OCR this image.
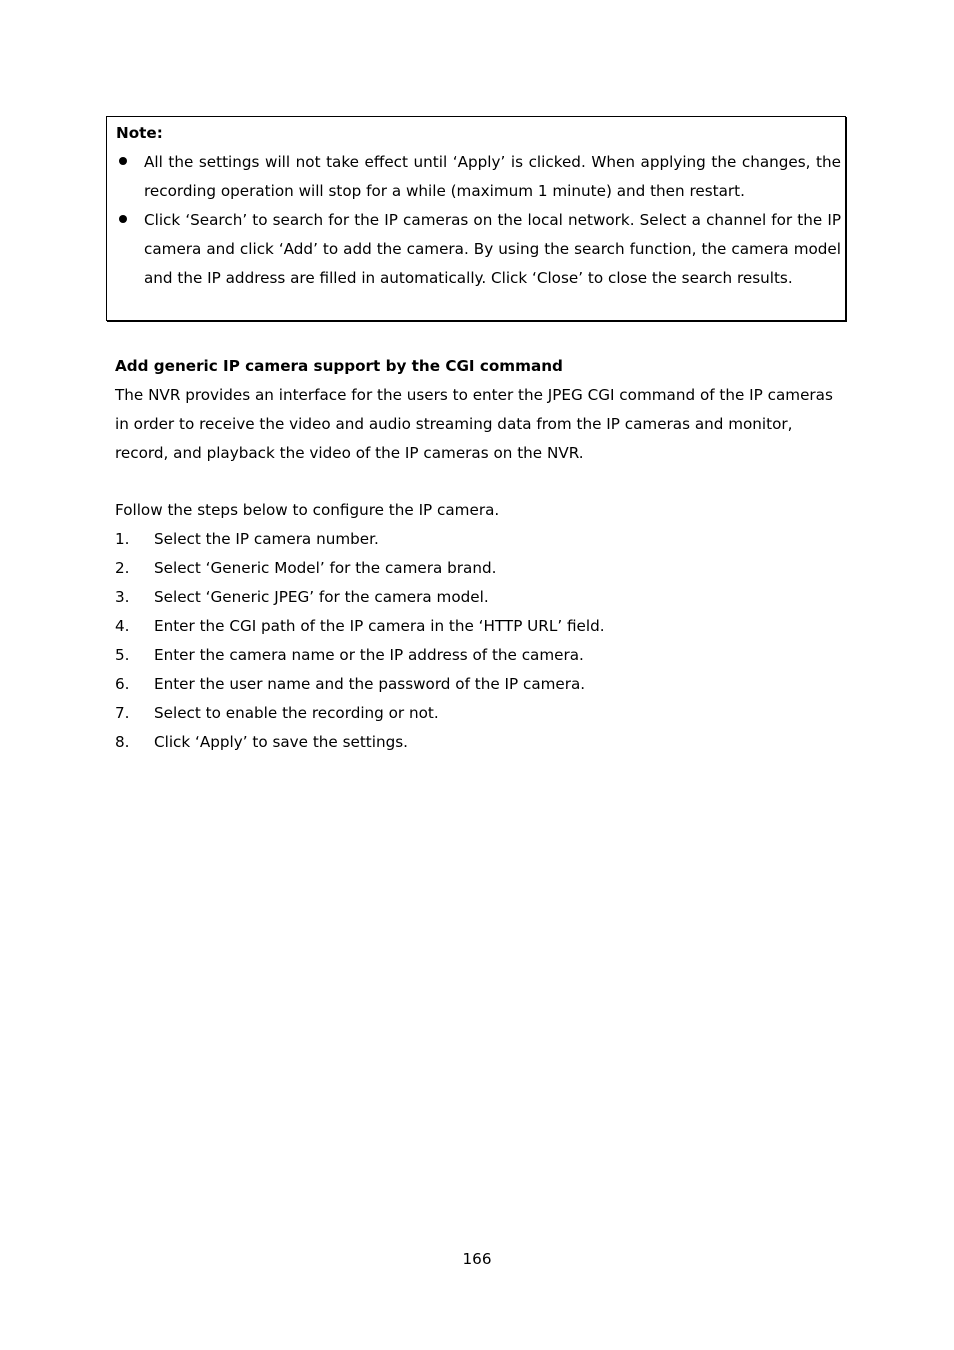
Note:

All the settings will not take effect until ‘Apply’ is clicked. When applying the changes, the recording operation will stop for a while (maximum 1 minute) and then restart.
Click ‘Search’ to search for the IP cameras on the local network. Select a channel for the IP camera and click ‘Add’ to add the camera. By using the search function, the camera model and the IP address are filled in automatically. Click ‘Close’ to close the search results.

Add generic IP camera support by the CGI command

The NVR provides an interface for the users to enter the JPEG CGI command of the IP cameras in order to receive the video and audio streaming data from the IP cameras and monitor, record, and playback the video of the IP cameras on the NVR.

Follow the steps below to configure the IP camera.

1. Select the IP camera number.
2. Select ‘Generic Model’ for the camera brand.
3. Select ‘Generic JPEG’ for the camera model.
4. Enter the CGI path of the IP camera in the ‘HTTP URL’ field.
5. Enter the camera name or the IP address of the camera.
6. Enter the user name and the password of the IP camera.
7. Select to enable the recording or not.
8. Click ‘Apply’ to save the settings.
166
